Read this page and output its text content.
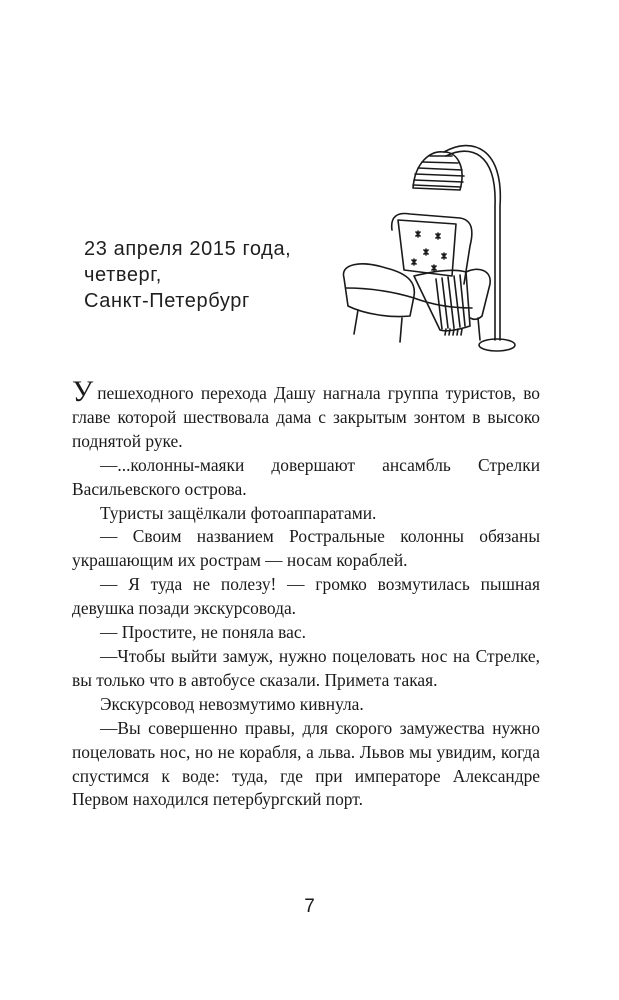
23 апреля 2015 года,
четверг,
Санкт-Петербург

Упешеходного перехода Дашу нагнала группа туристов, во главе которой шествовала дама с закрытым зонтом в высоко поднятой руке.

—...колонны-маяки довершают ансамбль Стрелки Васильевского острова.

Туристы защёлкали фотоаппаратами.

— Своим названием Ростральные колонны обязаны украшающим их рострам — носам кораблей.

— Я туда не полезу! — громко возмутилась пышная девушка позади экскурсовода.

— Простите, не поняла вас.

—Чтобы выйти замуж, нужно поцеловать нос на Стрелке, вы только что в автобусе сказали. Примета такая.

Экскурсовод невозмутимо кивнула.

—Вы совершенно правы, для скорого замужества нужно поцеловать нос, но не корабля, а льва. Львов мы увидим, когда спустимся к воде: туда, где при императоре Александре Первом находился петербургский порт.

7
